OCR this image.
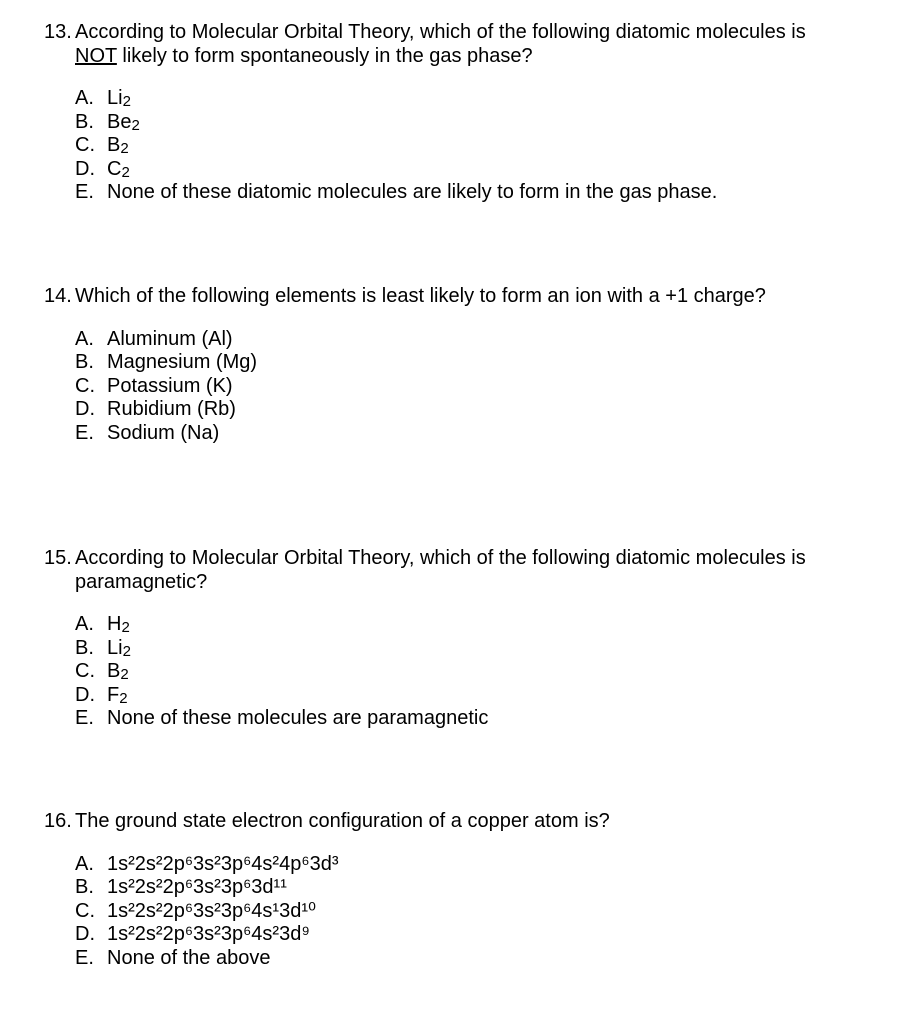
13. According to Molecular Orbital Theory, which of the following diatomic molecules is
NOT likely to form spontaneously in the gas phase?
A. Li2
B. Be2
C. B2
D. C2
E. None of these diatomic molecules are likely to form in the gas phase.
14. Which of the following elements is least likely to form an ion with a +1 charge?
A. Aluminum (Al)
B. Magnesium (Mg)
C. Potassium (K)
D. Rubidium (Rb)
E. Sodium (Na)
15. According to Molecular Orbital Theory, which of the following diatomic molecules is paramagnetic?
A. H2
B. Li2
C. B2
D. F2
E. None of these molecules are paramagnetic
16. The ground state electron configuration of a copper atom is?
A. 1s²2s²2p⁶3s²3p⁶4s²4p⁶3d³
B. 1s²2s²2p⁶3s²3p⁶3d¹¹
C. 1s²2s²2p⁶3s²3p⁶4s¹3d¹⁰
D. 1s²2s²2p⁶3s²3p⁶4s²3d⁹
E. None of the above
